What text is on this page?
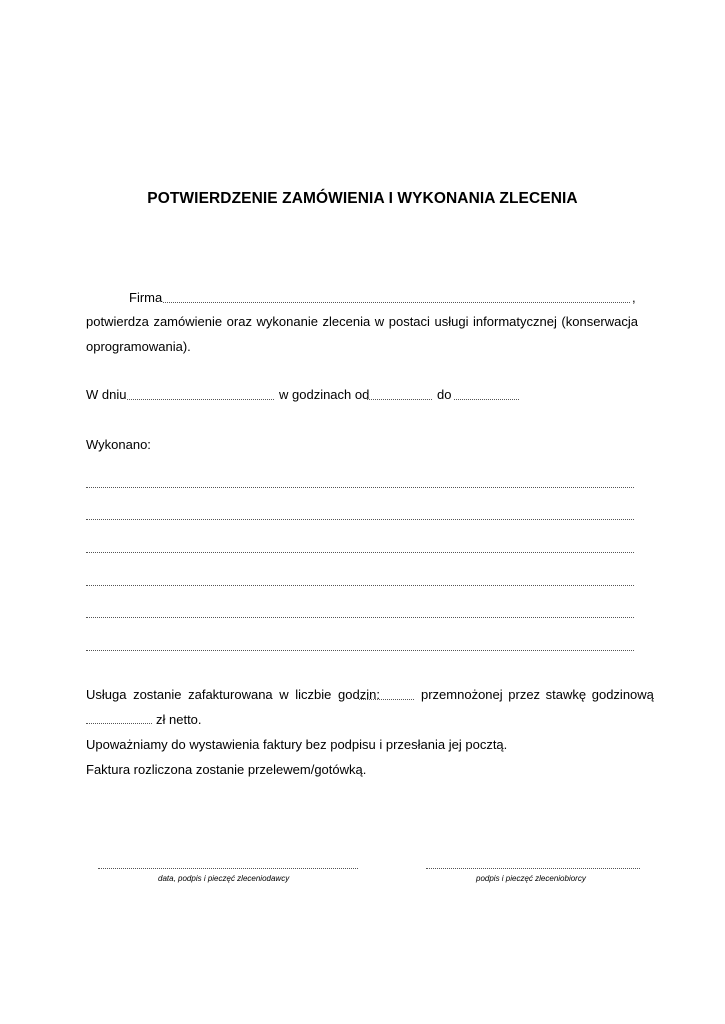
POTWIERDZENIE ZAMÓWIENIA I WYKONANIA ZLECENIA
Firma	,
potwierdza zamówienie oraz wykonanie zlecenia w postaci usługi informatycznej (konserwacja
oprogramowania).
W dniu	w godzinach od	do
Wykonano:
Usługa zostanie zafakturowana w liczbie godzin:	przemnożonej przez stawkę godzinową
zł netto.
Upoważniamy do wystawienia faktury bez podpisu i przesłania jej pocztą.
Faktura rozliczona zostanie przelewem/gotówką.
data, podpis i pieczęć zleceniodawcy	podpis i pieczęć zleceniobiorcy
